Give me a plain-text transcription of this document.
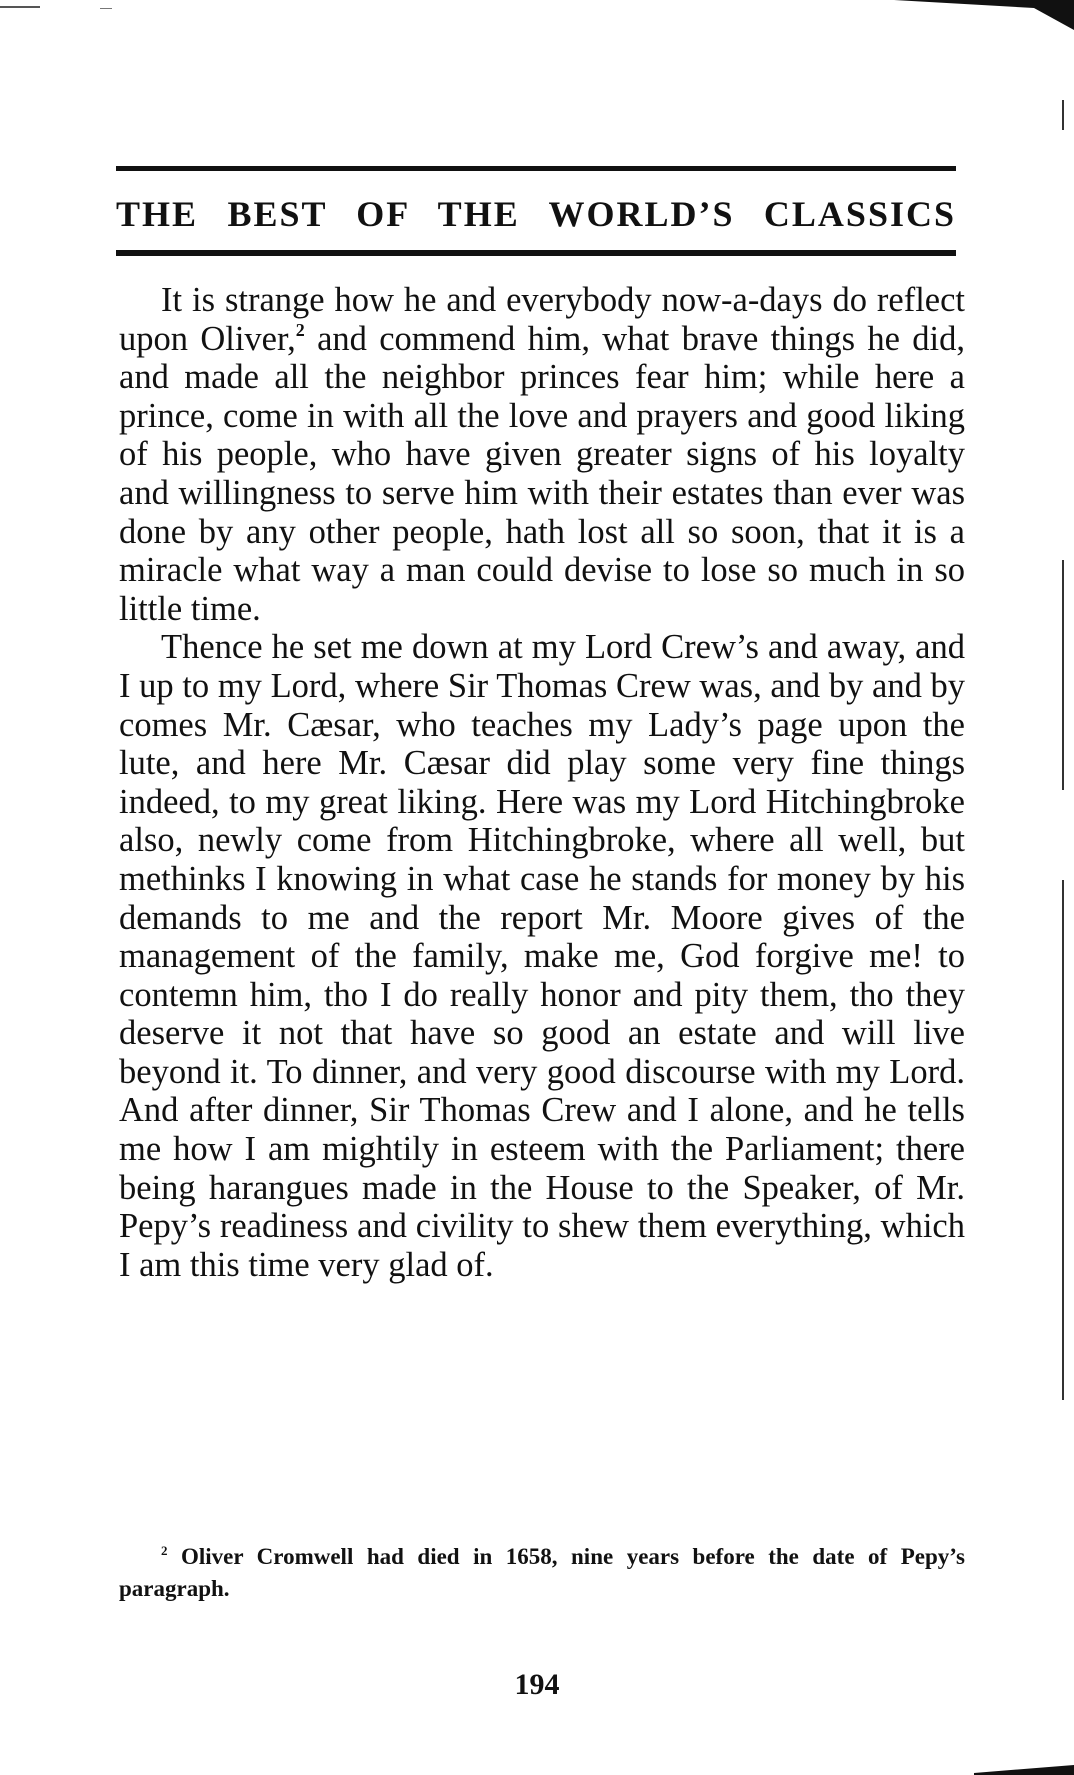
THE BEST OF THE WORLD’S CLASSICS

It is strange how he and everybody now-a-days do reflect upon Oliver,$^2$ and commend him, what brave things he did, and made all the neighbor princes fear him; while here a prince, come in with all the love and prayers and good liking of his people, who have given greater signs of his loyalty and willingness to serve him with their estates than ever was done by any other people, hath lost all so soon, that it is a miracle what way a man could devise to lose so much in so little time.

Thence he set me down at my Lord Crew’s and away, and I up to my Lord, where Sir Thomas Crew was, and by and by comes Mr. Cæsar, who teaches my Lady’s page upon the lute, and here Mr. Cæsar did play some very fine things indeed, to my great liking. Here was my Lord Hitchingbroke also, newly come from Hitchingbroke, where all well, but methinks I knowing in what case he stands for money by his demands to me and the report Mr. Moore gives of the management of the family, make me, God forgive me! to contemn him, tho I do really honor and pity them, tho they deserve it not that have so good an estate and will live beyond it. To dinner, and very good discourse with my Lord. And after dinner, Sir Thomas Crew and I alone, and he tells me how I am mightily in esteem with the Parliament; there being harangues made in the House to the Speaker, of Mr. Pepy’s readiness and civility to shew them everything, which I am this time very glad of.

$^2$ Oliver Cromwell had died in 1658, nine years before the date of Pepy’s paragraph.
194
